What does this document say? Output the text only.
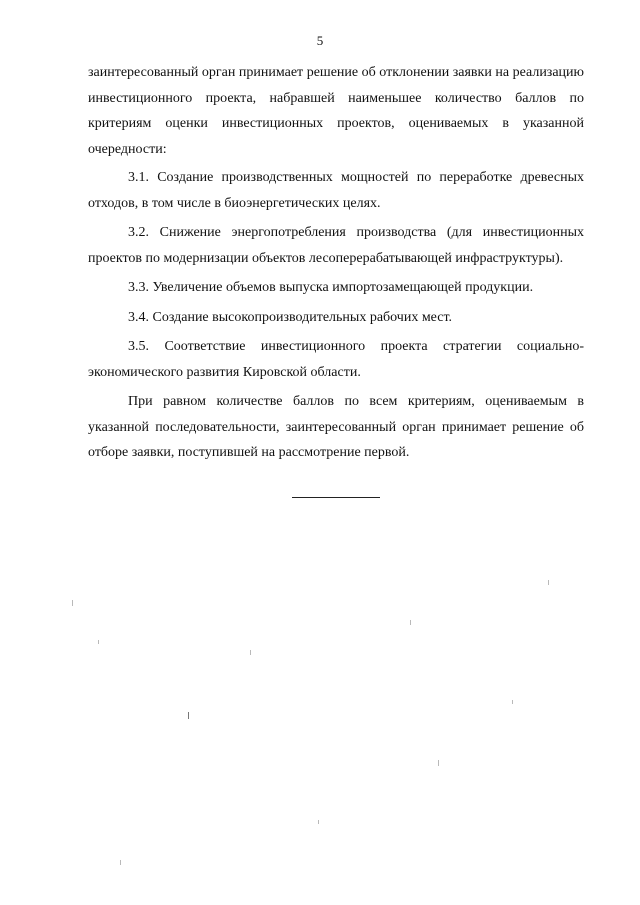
5

заинтересованный орган принимает решение об отклонении заявки на реализацию инвестиционного проекта, набравшей наименьшее количество баллов по критериям оценки инвестиционных проектов, оцениваемых в указанной очередности:

3.1. Создание производственных мощностей по переработке древесных отходов, в том числе в биоэнергетических целях.

3.2. Снижение энергопотребления производства (для инвестиционных проектов по модернизации объектов лесоперерабатывающей инфраструктуры).

3.3. Увеличение объемов выпуска импортозамещающей продукции.

3.4. Создание высокопроизводительных рабочих мест.

3.5. Соответствие инвестиционного проекта стратегии социально-экономического развития Кировской области.

При равном количестве баллов по всем критериям, оцениваемым в указанной последовательности, заинтересованный орган принимает решение об отборе заявки, поступившей на рассмотрение первой.
